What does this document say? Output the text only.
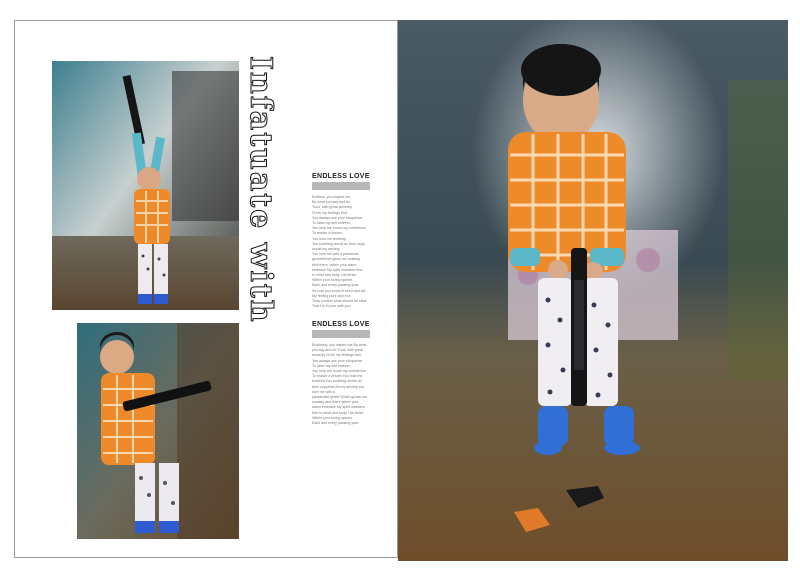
Infatuate with	ENDLESS LOVE
Endless, you inspire me,
By what you say and do,
Thus, with great sincerity,
I'll tell my feelings true.
You always use your eloquence
To raise my self esteem,
You help me boost my confidence
To realize a dream.
You hold me tenderly,
You soothing words do then supp
would my anxiety.
You love me with a passionat
growsWhich gives me ecstasy.
And there, within your warm
embrace My spirit wanders free,
In mind and body I do thrive
Within your loving sphere
Each and every passing year
So now you know in word and act
My feeling pure and true
They confirm what should be clear
That I'm in love with you.
ENDLESS LOVE
Endlessly, you inspire me,By what
you say and do,Thus, with great
sincerity,I'll tell my feelings true.
You always use your eloquence
To raise my self esteem,
You help me boost my confidence
To realize a dream.You hold me
tenderly,You soothing words do
then suppress All my anxiety.You
love me with a
passionate grace Which grows me
ecstasy And there within your
warm embrace My spirit wanders
free In mind and body I do thrive
Within your loving sphere
Each and every passing year
